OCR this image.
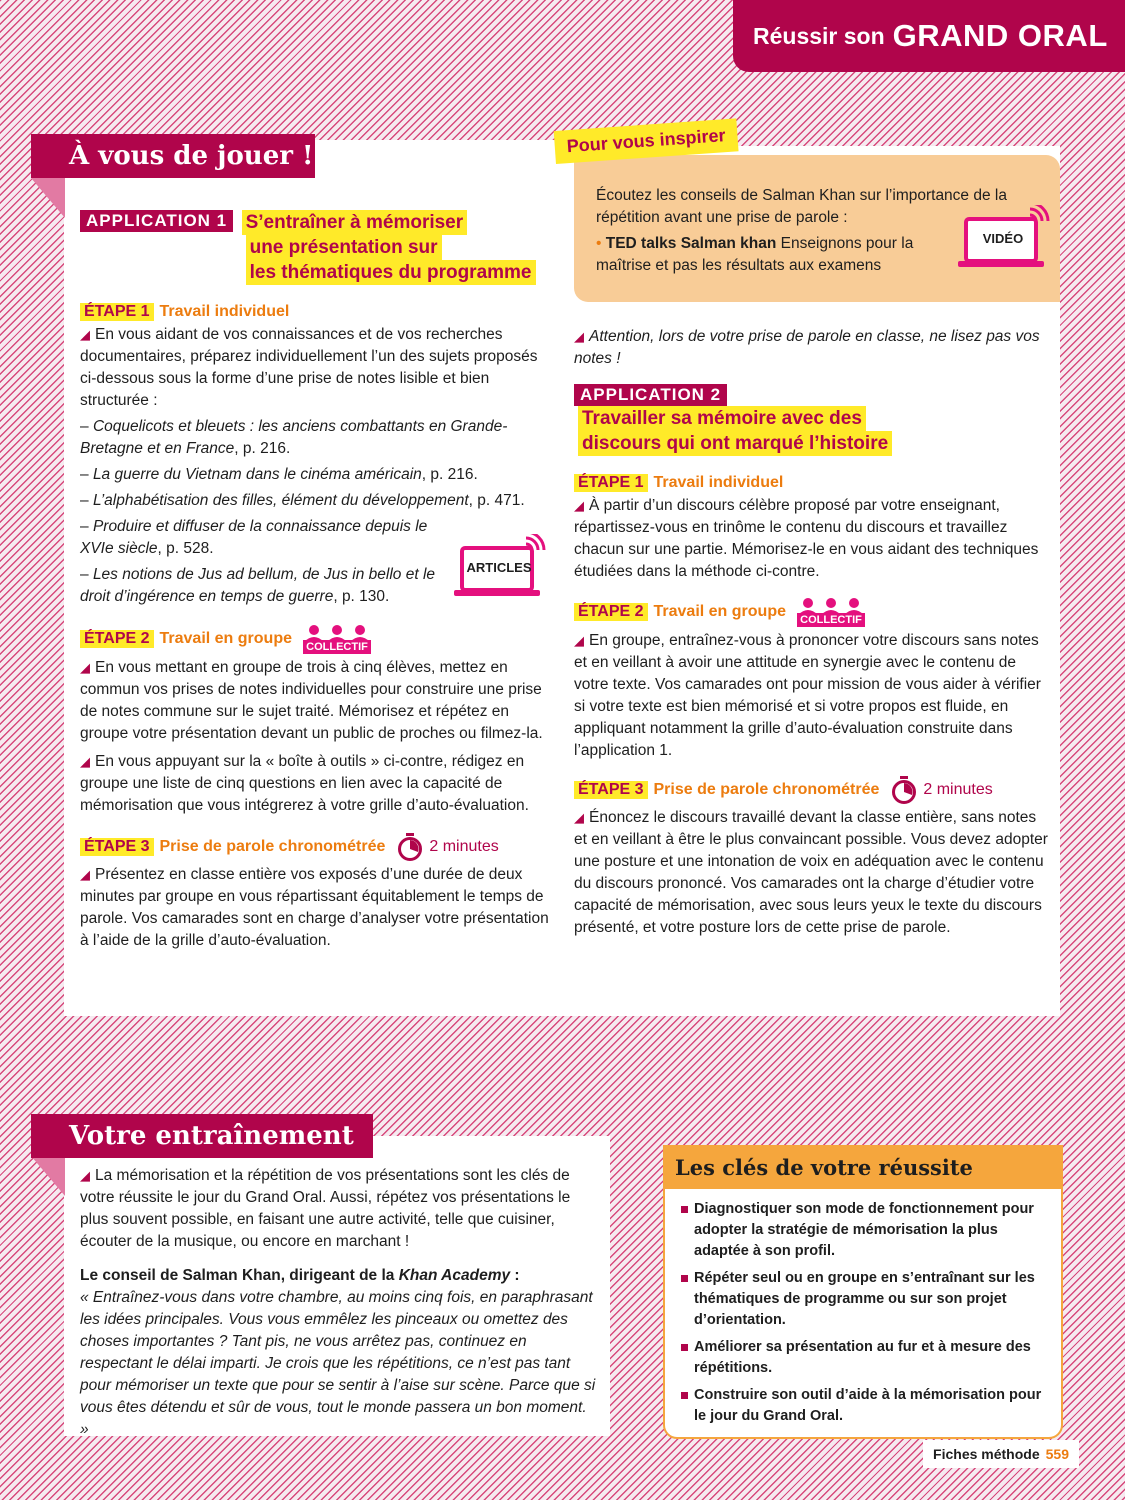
Réussir son GRAND ORAL
À vous de jouer !
APPLICATION 1 S’entraîner à mémoriser
une présentation sur
les thématiques du programme
ÉTAPE 1 Travail individuel

◢ En vous aidant de vos connaissances et de vos recherches documentaires, préparez individuellement l’un des sujets proposés ci-dessous sous la forme d’une prise de notes lisible et bien structurée :

– Coquelicots et bleuets : les anciens combattants en Grande-Bretagne et en France, p. 216.

– La guerre du Vietnam dans le cinéma américain, p. 216.

– L’alphabétisation des filles, élément du développement, p. 471.

– Produire et diffuser de la connaissance depuis le XVIe siècle, p. 528.

– Les notions de Jus ad bellum, de Jus in bello et le droit d’ingérence en temps de guerre, p. 130.

ARTICLES
ÉTAPE 2 Travail en groupe COLLECTIF

◢ En vous mettant en groupe de trois à cinq élèves, mettez en commun vos prises de notes individuelles pour construire une prise de notes commune sur le sujet traité. Mémorisez et répétez en groupe votre présentation devant un public de proches ou filmez-la.

◢ En vous appuyant sur la « boîte à outils » ci-contre, rédigez en groupe une liste de cinq questions en lien avec la capacité de mémorisation que vous intégrerez à votre grille d’auto-évaluation.

ÉTAPE 3 Prise de parole chronométrée	2 minutes

◢ Présentez en classe entière vos exposés d’une durée de deux minutes par groupe en vous répartissant équitablement le temps de parole. Vos camarades sont en charge d’analyser votre présentation à l’aide de la grille d’auto-évaluation.

Écoutez les conseils de Salman Khan sur l’importance de la répétition avant une prise de parole :

• TED talks Salman khan Enseignons pour la maîtrise et pas les résultats aux examens

VIDÉO
Pour vous inspirer

◢ Attention, lors de votre prise de parole en classe, ne lisez pas vos notes !

APPLICATION 2 Travailler sa mémoire avec des
discours qui ont marqué l’histoire
ÉTAPE 1 Travail individuel

◢ À partir d’un discours célèbre proposé par votre enseignant, répartissez-vous en trinôme le contenu du discours et travaillez chacun sur une partie. Mémorisez-le en vous aidant des techniques étudiées dans la méthode ci-contre.

ÉTAPE 2 Travail en groupe COLLECTIF

◢ En groupe, entraînez-vous à prononcer votre discours sans notes et en veillant à avoir une attitude en synergie avec le contenu de votre texte. Vos camarades ont pour mission de vous aider à vérifier si votre texte est bien mémorisé et si votre propos est fluide, en appliquant notamment la grille d’auto-évaluation construite dans l’application 1.

ÉTAPE 3 Prise de parole chronométrée	2 minutes

◢ Énoncez le discours travaillé devant la classe entière, sans notes et en veillant à être le plus convaincant possible. Vous devez adopter une posture et une intonation de voix en adéquation avec le contenu du discours prononcé. Vos camarades ont la charge d’étudier votre capacité de mémorisation, avec sous leurs yeux le texte du discours présenté, et votre posture lors de cette prise de parole.

Votre entraînement

◢ La mémorisation et la répétition de vos présentations sont les clés de votre réussite le jour du Grand Oral. Aussi, répétez vos présentations le plus souvent possible, en faisant une autre activité, telle que cuisiner, écouter de la musique, ou encore en marchant !

Le conseil de Salman Khan, dirigeant de la Khan Academy :

« Entraînez-vous dans votre chambre, au moins cinq fois, en paraphrasant les idées principales. Vous vous emmêlez les pinceaux ou omettez des choses importantes ? Tant pis, ne vous arrêtez pas, continuez en respectant le délai imparti. Je crois que les répétitions, ce n’est pas tant pour mémoriser un texte que pour se sentir à l’aise sur scène. Parce que si vous êtes détendu et sûr de vous, tout le monde passera un bon moment. »

Les clés de votre réussite
Diagnostiquer son mode de fonctionnement pour adopter la stratégie de mémorisation la plus adaptée à son profil.
Répéter seul ou en groupe en s’entraînant sur les thématiques de programme ou sur son projet d’orientation.
Améliorer sa présentation au fur et à mesure des répétitions.
Construire son outil d’aide à la mémorisation pour le jour du Grand Oral.
Fiches méthode 559
